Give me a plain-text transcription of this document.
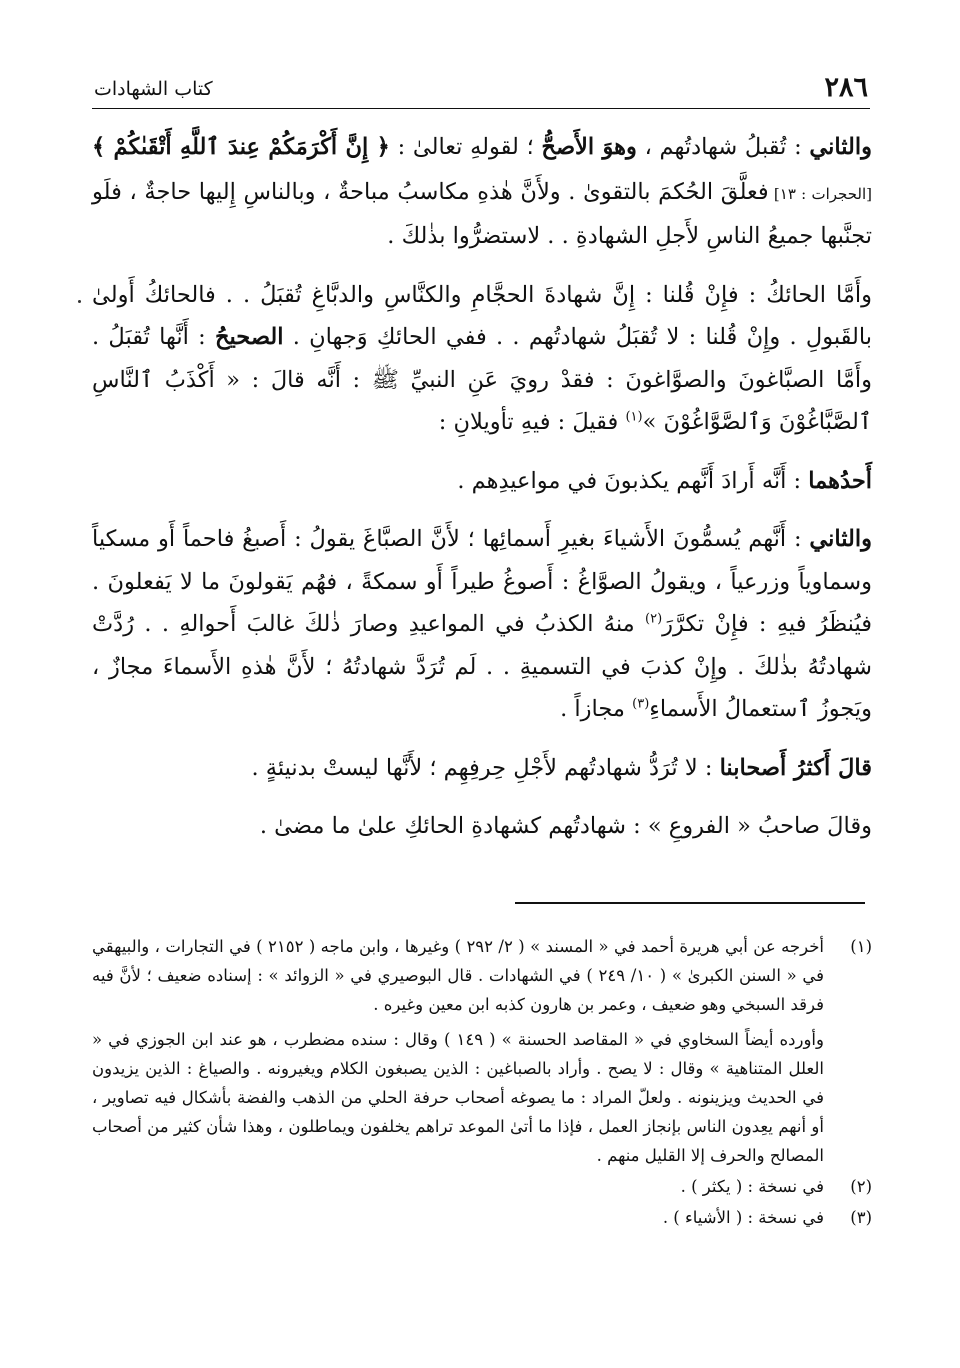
٢٨٦
كتاب الشهادات

والثاني : تُقبلُ شهادتُهم ، وهوَ الأَصحُّ ؛ لقولهِ تعالىٰ : ﴿ إِنَّ أَكْرَمَكُمْ عِندَ ٱللَّهِ أَتْقَىٰكُمْ ﴾ [الحجرات : ١٣] فعلَّقَ الحُكمَ بالتقوىٰ . ولأَنَّ هٰذهِ مكاسبُ مباحةٌ ، وبالناسِ إِليها حاجةٌ ، فلَو تجنَّبها جميعُ الناسِ لأَجلِ الشهادةِ . . لاستضرُّوا بذٰلكَ .

وأَمَّا الحائكُ : فإِنْ قُلنا : إِنَّ شهادةَ الحجَّامِ والكنَّاسِ والدبَّاغِ تُقبَلُ . . فالحائكُ أَولىٰ بالقَبولِ . وإِنْ قُلنا : لا تُقبَلُ شهادتُهم . . ففي الحائكِ وَجهانِ . الصحيحُ : أَنَّها تُقبَلُ . وأَمَّا الصبَّاغونَ والصوَّاغونَ : فقدْ رويَ عَنِ النبيِّ ﷺ : أَنَّه قالَ : « أَكْذَبُ ٱلنَّاسِ ٱلصَّبَّاغُوْنَ وَٱلصَّوَّاغُوْنَ »$^{(١)}$ فقيلَ : فيهِ تأويلانِ :

أَحدُهما : أَنَّه أَرادَ أَنَّهم يكذبونَ في مواعيدِهم .

والثاني : أَنَّهم يُسمُّونَ الأَشياءَ بغيرِ أَسمائِها ؛ لأَنَّ الصبَّاغَ يقولُ : أَصبغُ فاحماً أَو مسكياً وسماوياً وزرعياً ، ويقولُ الصوَّاغُ : أَصوغُ طيراً أَو سمكةً ، فهُم يَقولونَ ما لا يَفعلونَ . فيُنظَرُ فيهِ : فإِنْ تكرَّرَ$^{(٢)}$ منهُ الكذبُ في المواعيدِ وصارَ ذٰلكَ غالبَ أَحوالهِ . . رُدَّتْ شهادتُهُ بذٰلكَ . وإِنْ كذبَ في التسميةِ . . لَم تُرَدَّ شهادتُهُ ؛ لأَنَّ هٰذهِ الأَسماءَ مجازٌ ، ويَجوزُ ٱستعمالُ الأَسماءِ$^{(٣)}$ مجازاً .

قالَ أَكثرُ أَصحابنا : لا تُرَدُّ شهادتُهم لأَجْلِ حِرفِهِم ؛ لأَنَّها ليستْ بدنيئةٍ .

وقالَ صاحبُ « الفروعِ » : شهادتُهم كشهادةِ الحائكِ علىٰ ما مضىٰ .

(١)

أخرجه عن أبي هريرة أحمد في « المسند » ( ٢/ ٢٩٢ ) وغيرها ، وابن ماجه ( ٢١٥٢ ) في التجارات ، والبيهقي في « السنن الكبرىٰ » ( ١٠/ ٢٤٩ ) في الشهادات . قال البوصيري في « الزوائد » : إسناده ضعيف ؛ لأنَّ فيه فرقد السبخي وهو ضعيف ، وعمر بن هارون كذبه ابن معين وغيره .

وأورده أيضاً السخاوي في « المقاصد الحسنة » ( ١٤٩ ) وقال : سنده مضطرب ، هو عند ابن الجوزي في « العلل المتناهية » وقال : لا يصح . وأراد بالصباغين : الذين يصبغون الكلام ويغيرونه . والصياغ : الذين يزيدون في الحديث ويزينونه . ولعلّ المراد : ما يصوغه أصحاب حرفة الحلي من الذهب والفضة بأشكال فيه تصاوير ، أو أنهم يعِدون الناس بإنجاز العمل ، فإذا ما أتىٰ الموعد تراهم يخلفون ويماطلون ، وهذا شأن كثير من أصحاب المصالح والحرف إلا القليل منهم .

(٢)

في نسخة : ( يكثر ) .

(٣)

في نسخة : ( الأشياء ) .
